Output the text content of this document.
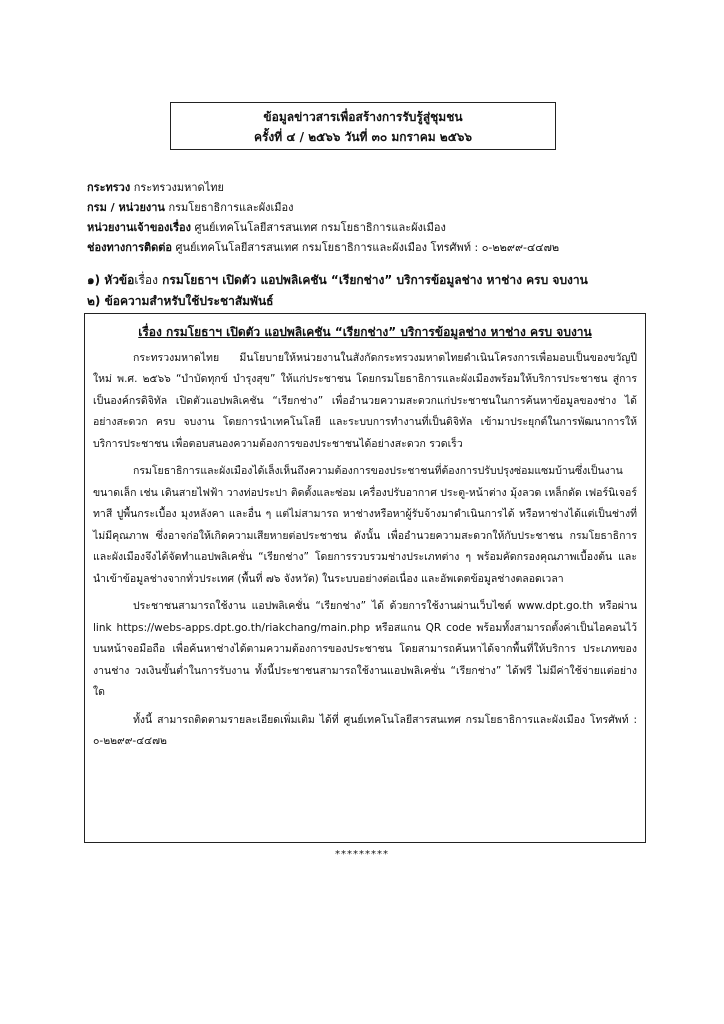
ข้อมูลข่าวสารเพื่อสร้างการรับรู้สู่ชุมชน
ครั้งที่ ๔ / ๒๕๖๖ วันที่ ๓๐ มกราคม ๒๕๖๖
กระทรวง กระทรวงมหาดไทย
กรม / หน่วยงาน กรมโยธาธิการและผังเมือง
หน่วยงานเจ้าของเรื่อง ศูนย์เทคโนโลยีสารสนเทศ กรมโยธาธิการและผังเมือง
ช่องทางการติดต่อ ศูนย์เทคโนโลยีสารสนเทศ กรมโยธาธิการและผังเมือง โทรศัพท์ : ๐-๒๒๙๙-๔๔๗๒
๑) หัวข้อเรื่อง กรมโยธาฯ เปิดตัว แอปพลิเคชัน “เรียกช่าง” บริการข้อมูลช่าง หาช่าง ครบ จบงาน
๒) ข้อความสำหรับใช้ประชาสัมพันธ์
เรื่อง กรมโยธาฯ เปิดตัว แอปพลิเคชัน “เรียกช่าง” บริการข้อมูลช่าง หาช่าง ครบ จบงาน

กระทรวงมหาดไทย มีนโยบายให้หน่วยงานในสังกัดกระทรวงมหาดไทยดำเนินโครงการเพื่อมอบเป็นของขวัญปีใหม่ พ.ศ. ๒๕๖๖ “บำบัดทุกข์ บำรุงสุข” ให้แก่ประชาชน โดยกรมโยธาธิการและผังเมืองพร้อมให้บริการประชาชน สู่การเป็นองค์กรดิจิทัล เปิดตัวแอปพลิเคชัน “เรียกช่าง” เพื่ออำนวยความสะดวกแก่ประชาชนในการค้นหาข้อมูลของช่าง ได้อย่างสะดวก ครบ จบงาน โดยการนำเทคโนโลยี และระบบการทำงานที่เป็นดิจิทัล เข้ามาประยุกต์ในการพัฒนาการให้บริการประชาชน เพื่อตอบสนองความต้องการของประชาชนได้อย่างสะดวก รวดเร็ว

กรมโยธาธิการและผังเมืองได้เล็งเห็นถึงความต้องการของประชาชนที่ต้องการปรับปรุงซ่อมแซมบ้านซึ่งเป็นงานขนาดเล็ก เช่น เดินสายไฟฟ้า วางท่อประปา ติดตั้งและซ่อม เครื่องปรับอากาศ ประตู-หน้าต่าง มุ้งลวด เหล็กดัด เฟอร์นิเจอร์ ทาสี ปูพื้นกระเบื้อง มุงหลังคา และอื่น ๆ แต่ไม่สามารถ หาช่างหรือหาผู้รับจ้างมาดำเนินการได้ หรือหาช่างได้แต่เป็นช่างที่ไม่มีคุณภาพ ซึ่งอาจก่อให้เกิดความเสียหายต่อประชาชน ดังนั้น เพื่ออำนวยความสะดวกให้กับประชาชน กรมโยธาธิการและผังเมืองจึงได้จัดทำแอปพลิเคชั่น “เรียกช่าง” โดยการรวบรวมช่างประเภทต่าง ๆ พร้อมคัดกรองคุณภาพเบื้องต้น และนำเข้าข้อมูลช่างจากทั่วประเทศ (พื้นที่ ๗๖ จังหวัด) ในระบบอย่างต่อเนื่อง และอัพเดตข้อมูลช่างตลอดเวลา

ประชาชนสามารถใช้งาน แอปพลิเคชั่น “เรียกช่าง” ได้ ด้วยการใช้งานผ่านเว็บไซต์ www.dpt.go.th หรือผ่าน link https://webs-apps.dpt.go.th/riakchang/main.php หรือสแกน QR code พร้อมทั้งสามารถตั้งค่าเป็นไอคอนไว้บนหน้าจอมือถือ เพื่อค้นหาช่างได้ตามความต้องการของประชาชน โดยสามารถค้นหาได้จากพื้นที่ให้บริการ ประเภทของงานช่าง วงเงินขั้นต่ำในการรับงาน ทั้งนี้ประชาชนสามารถใช้งานแอปพลิเคชั่น “เรียกช่าง” ได้ฟรี ไม่มีค่าใช้จ่ายแต่อย่างใด

ทั้งนี้ สามารถติดตามรายละเอียดเพิ่มเติม ได้ที่ ศูนย์เทคโนโลยีสารสนเทศ กรมโยธาธิการและผังเมือง โทรศัพท์ : ๐-๒๒๙๙-๔๔๗๒

*********
